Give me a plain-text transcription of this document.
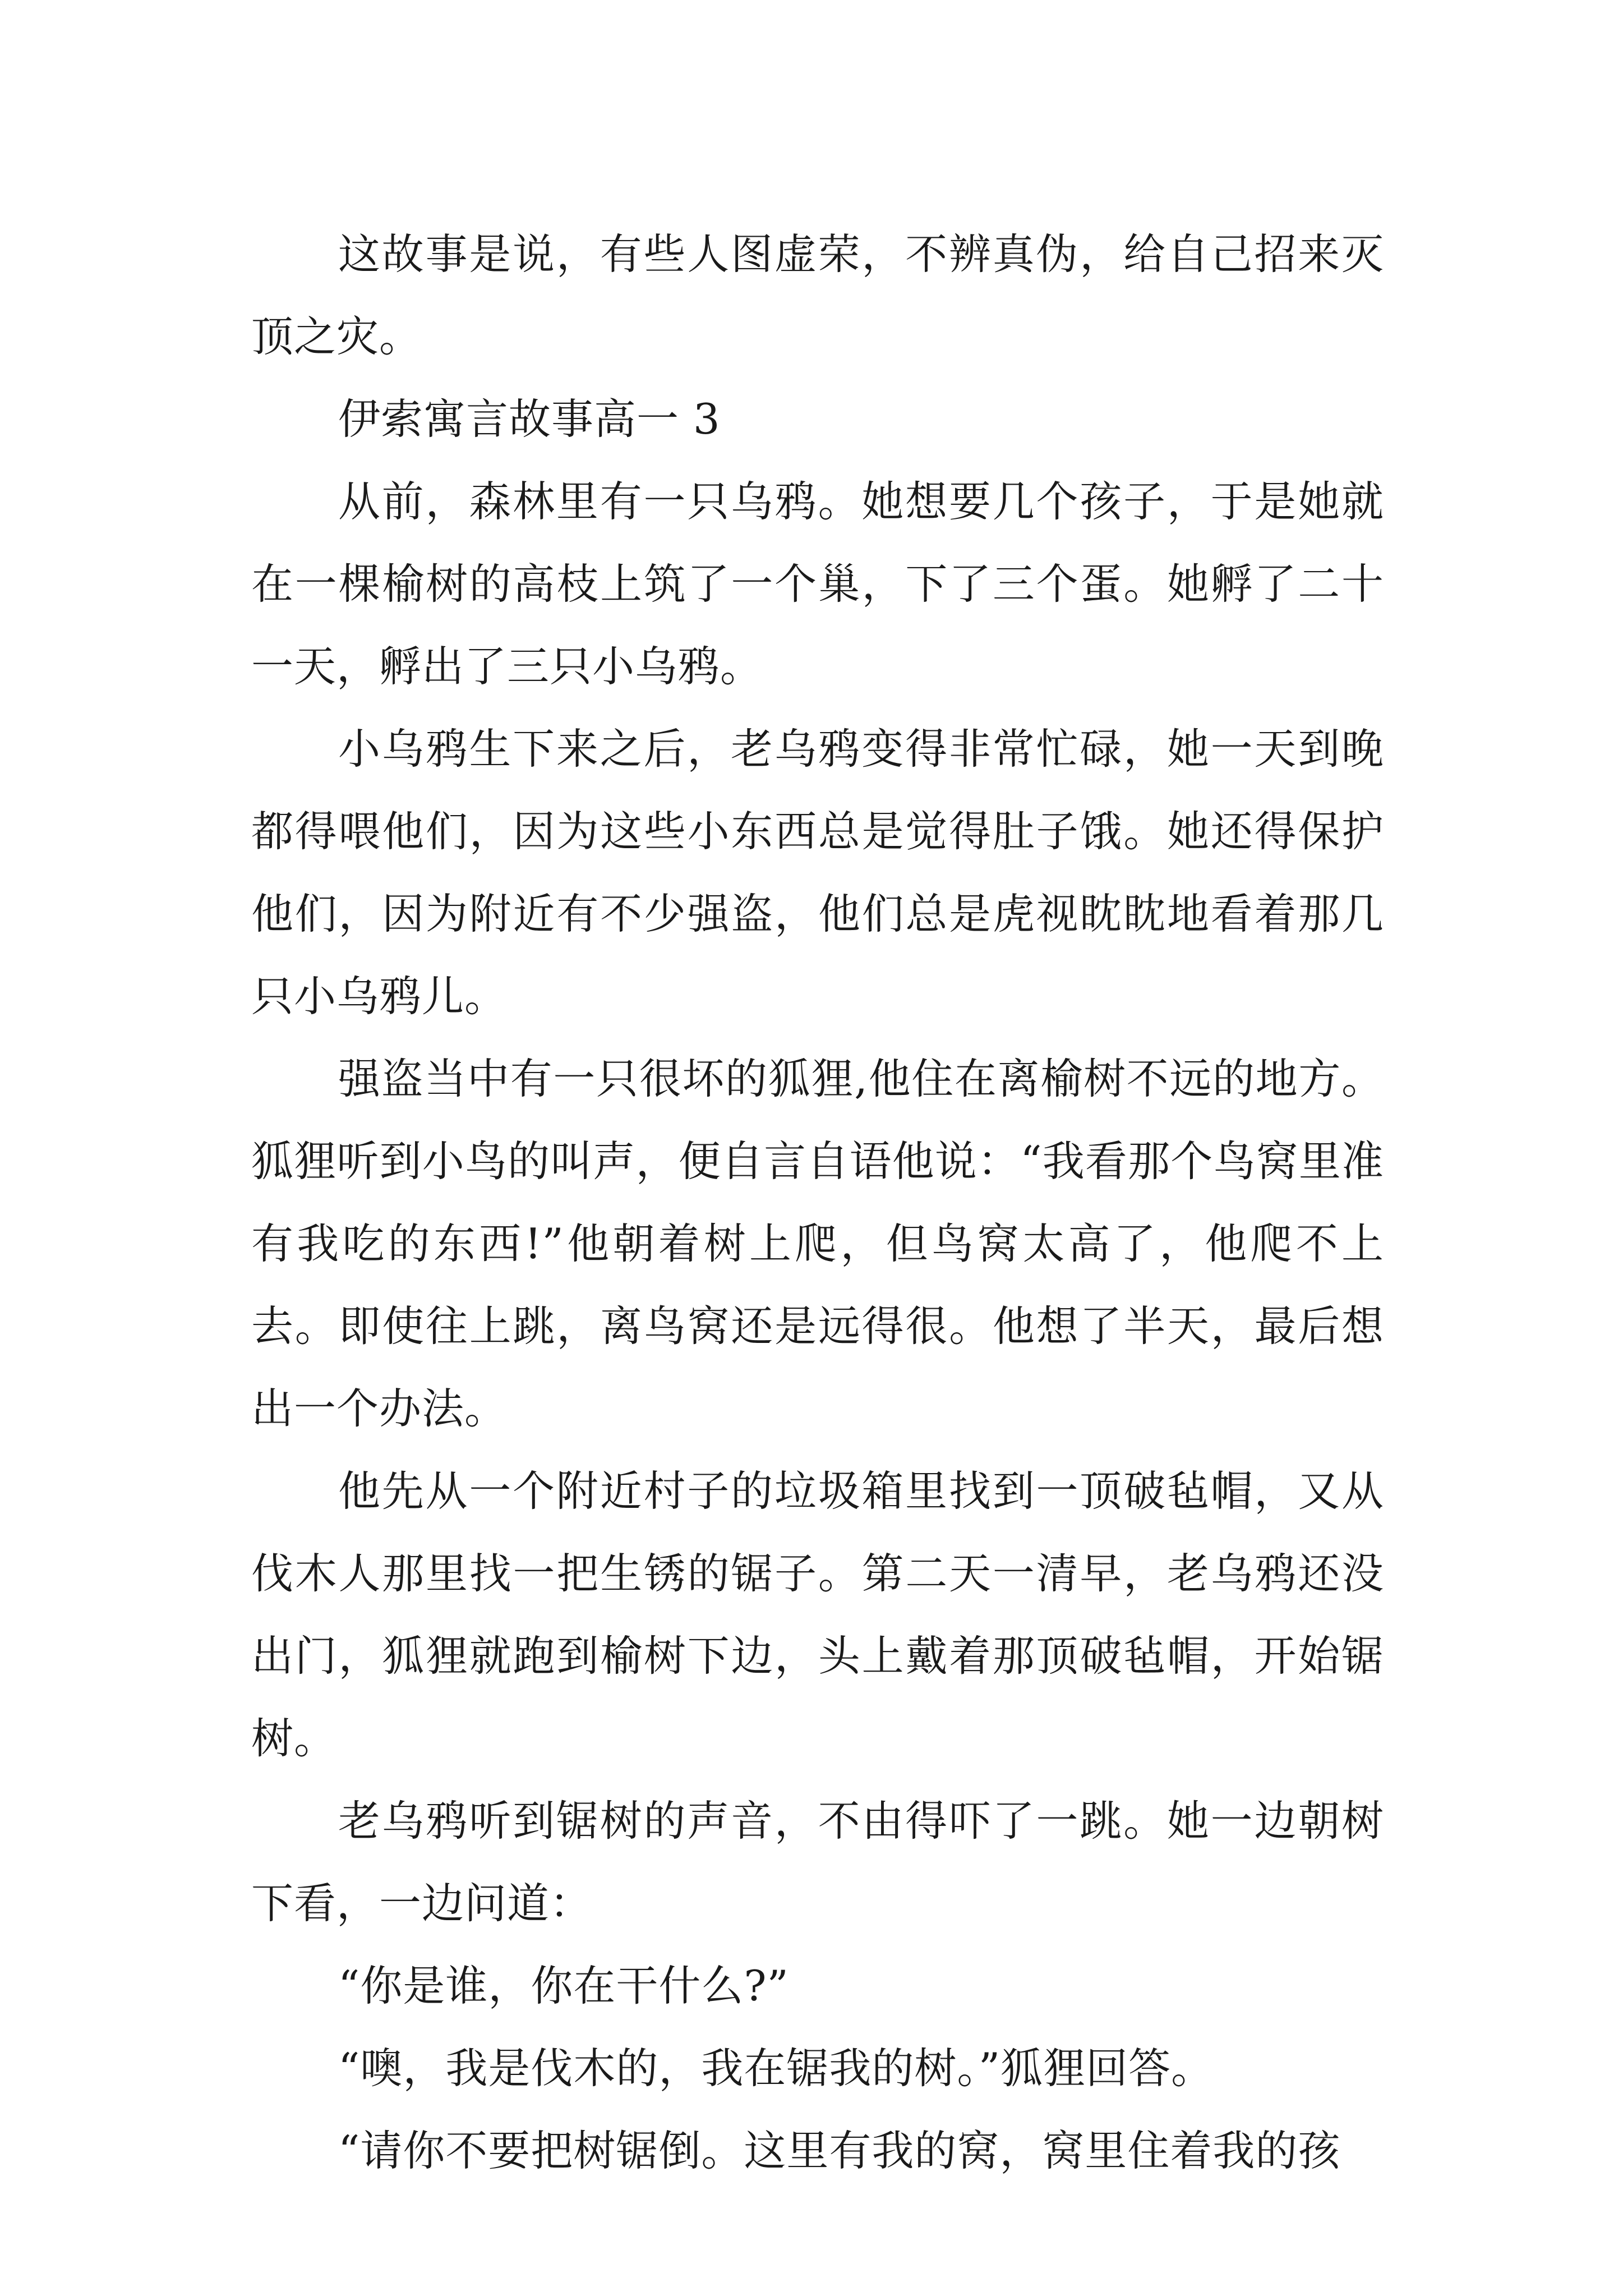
这故事是说，有些人图虚荣，不辨真伪，给自己招来灭顶之灾。

伊索寓言故事高一 3

从前，森林里有一只乌鸦。她想要几个孩子，于是她就在一棵榆树的高枝上筑了一个巢，下了三个蛋。她孵了二十一天，孵出了三只小乌鸦。

小乌鸦生下来之后，老乌鸦变得非常忙碌，她一天到晚都得喂他们，因为这些小东西总是觉得肚子饿。她还得保护他们，因为附近有不少强盗，他们总是虎视眈眈地看着那几只小乌鸦儿。

强盗当中有一只很坏的狐狸,他住在离榆树不远的地方。狐狸听到小鸟的叫声，便自言自语他说：“我看那个鸟窝里准有我吃的东西!”他朝着树上爬，但鸟窝太高了，他爬不上去。即使往上跳，离鸟窝还是远得很。他想了半天，最后想出一个办法。

他先从一个附近村子的垃圾箱里找到一顶破毡帽，又从伐木人那里找一把生锈的锯子。第二天一清早，老乌鸦还没出门，狐狸就跑到榆树下边，头上戴着那顶破毡帽，开始锯树。

老乌鸦听到锯树的声音，不由得吓了一跳。她一边朝树下看，一边问道：

“你是谁，你在干什么?”

“噢，我是伐木的，我在锯我的树。”狐狸回答。

“请你不要把树锯倒。这里有我的窝，窝里住着我的孩
